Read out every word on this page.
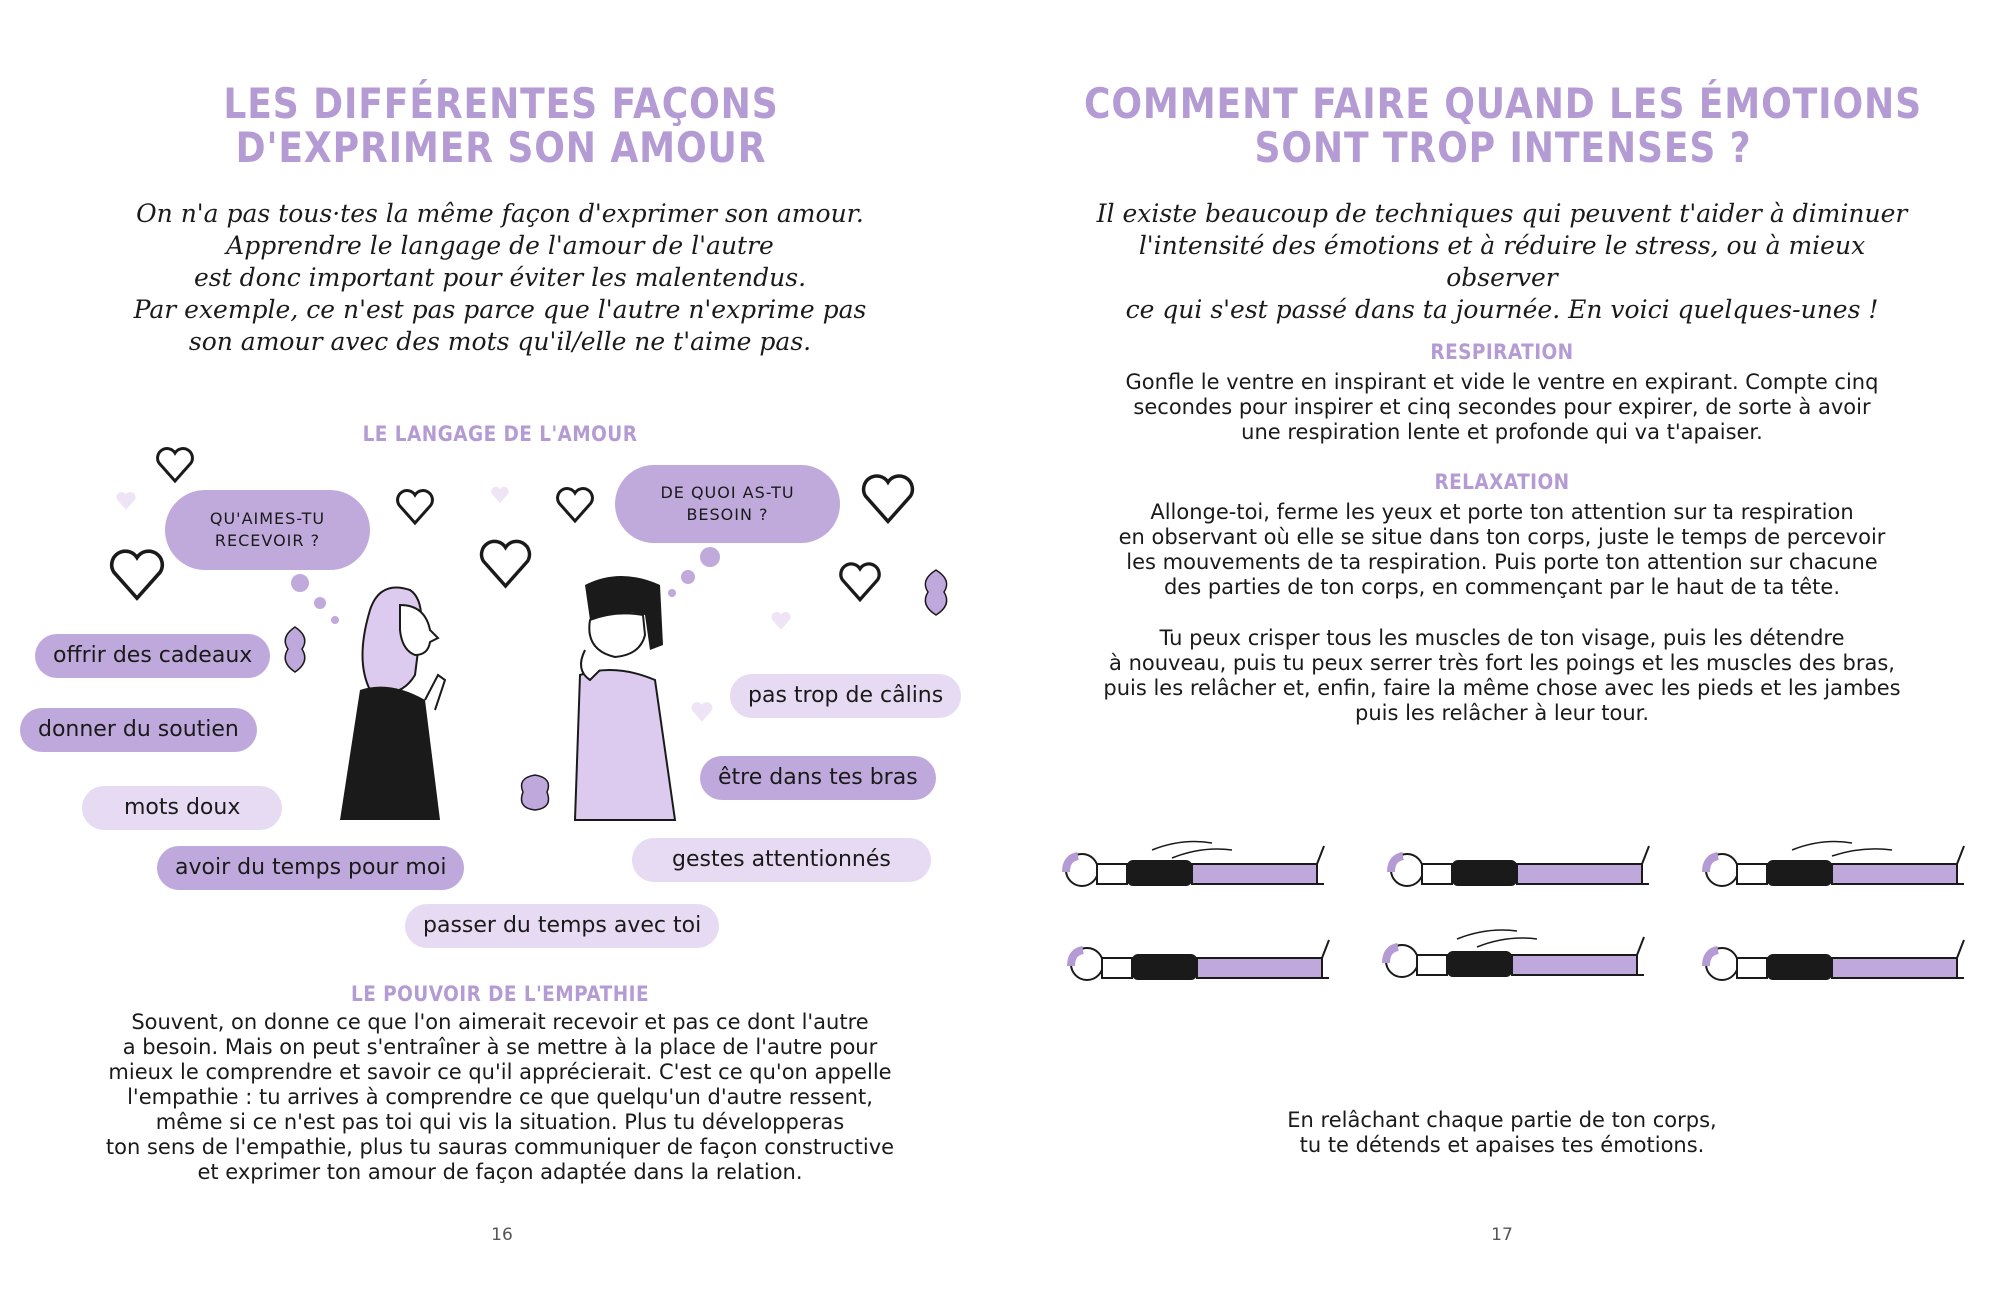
LES DIFFÉRENTES FAÇONS
D'EXPRIMER SON AMOUR
On n'a pas tous·tes la même façon d'exprimer son amour.
Apprendre le langage de l'amour de l'autre
est donc important pour éviter les malentendus.
Par exemple, ce n'est pas parce que l'autre n'exprime pas
son amour avec des mots qu'il/elle ne t'aime pas.
LE LANGAGE DE L'AMOUR
QU'AIMES-TU
RECEVOIR ?
DE QUOI AS-TU
BESOIN ?
offrir des cadeaux
donner du soutien
mots doux
avoir du temps pour moi
pas trop de câlins
être dans tes bras
gestes attentionnés
passer du temps avec toi
LE POUVOIR DE L'EMPATHIE
Souvent, on donne ce que l'on aimerait recevoir et pas ce dont l'autre
a besoin. Mais on peut s'entraîner à se mettre à la place de l'autre pour
mieux le comprendre et savoir ce qu'il apprécierait. C'est ce qu'on appelle
l'empathie : tu arrives à comprendre ce que quelqu'un d'autre ressent,
même si ce n'est pas toi qui vis la situation. Plus tu développeras
ton sens de l'empathie, plus tu sauras communiquer de façon constructive
et exprimer ton amour de façon adaptée dans la relation.
16
COMMENT FAIRE QUAND LES ÉMOTIONS
SONT TROP INTENSES ?
Il existe beaucoup de techniques qui peuvent t'aider à diminuer
l'intensité des émotions et à réduire le stress, ou à mieux observer
ce qui s'est passé dans ta journée. En voici quelques-unes !
RESPIRATION
Gonfle le ventre en inspirant et vide le ventre en expirant. Compte cinq
secondes pour inspirer et cinq secondes pour expirer, de sorte à avoir
une respiration lente et profonde qui va t'apaiser.
RELAXATION
Allonge-toi, ferme les yeux et porte ton attention sur ta respiration
en observant où elle se situe dans ton corps, juste le temps de percevoir
les mouvements de ta respiration. Puis porte ton attention sur chacune
des parties de ton corps, en commençant par le haut de ta tête.
Tu peux crisper tous les muscles de ton visage, puis les détendre
à nouveau, puis tu peux serrer très fort les poings et les muscles des bras,
puis les relâcher et, enfin, faire la même chose avec les pieds et les jambes
puis les relâcher à leur tour.
En relâchant chaque partie de ton corps,
tu te détends et apaises tes émotions.
17
